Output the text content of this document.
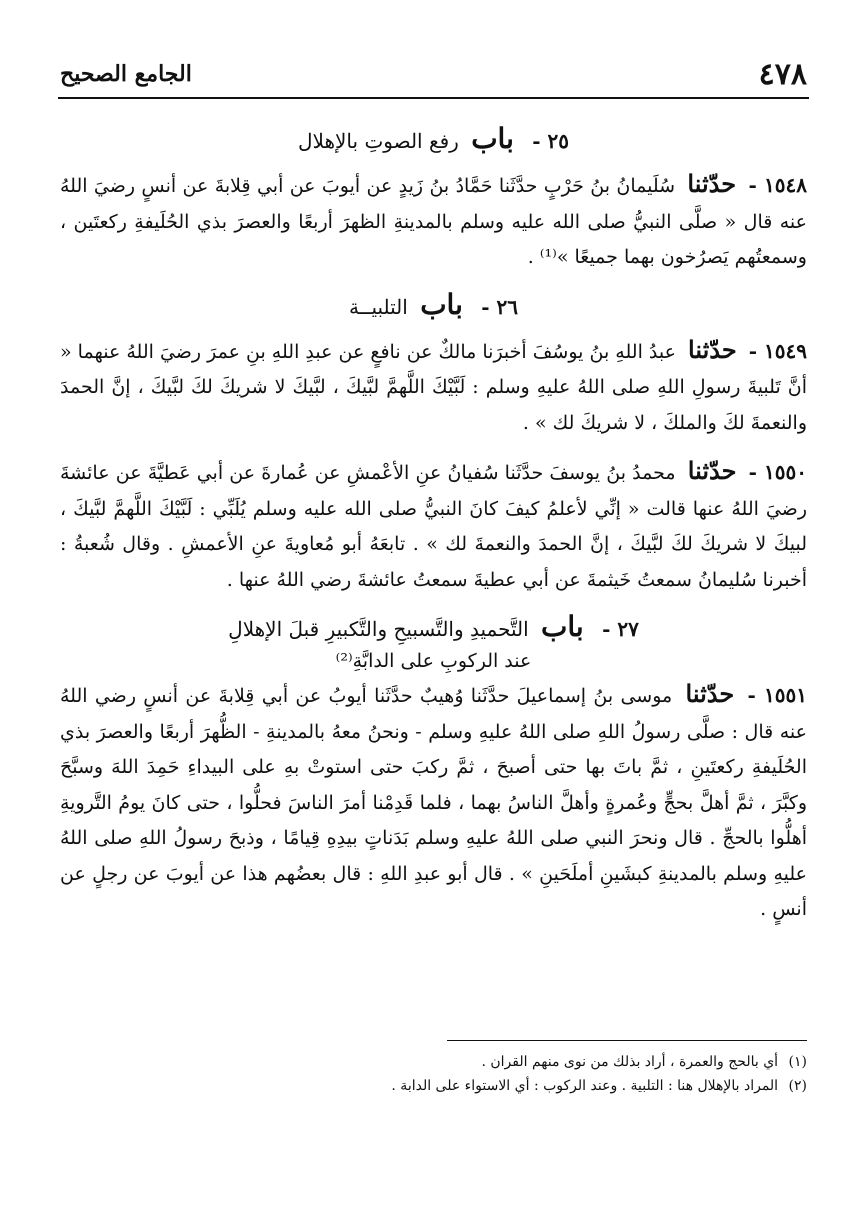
٤٧٨
الجامع الصحيح
٢٥ - باب رفع الصوتِ بالإهلال

١٥٤٨ - حدّثنا سُلَيمانُ بنُ حَرْبٍ حدَّثَنا حَمَّادُ بنُ زَيدٍ عن أيوبَ عن أبي قِلابةَ عن أنسٍ رضيَ اللهُ عنه قال « صلَّى النبيُّ صلى الله عليه وسلم بالمدينةِ الظهرَ أربعًا والعصرَ بذي الحُلَيفةِ ركعتَين ، وسمعتُهم يَصرُخون بهما جميعًا »⁽¹⁾ .

٢٦ - باب التلبيــة

١٥٤٩ - حدّثنا عبدُ اللهِ بنُ يوسُفَ أخبرَنا مالكٌ عن نافعٍ عن عبدِ اللهِ بنِ عمرَ رضيَ اللهُ عنهما « أنَّ تَلبيةَ رسولِ اللهِ صلى اللهُ عليهِ وسلم : لَبَّيْكَ اللَّهمَّ لبَّيكَ ، لبَّيكَ لا شريكَ لكَ لبَّيكَ ، إنَّ الحمدَ والنعمةَ لكَ والملكَ ، لا شريكَ لك » .

١٥٥٠ - حدّثنا محمدُ بنُ يوسفَ حدَّثَنا سُفيانُ عنِ الأعْمشِ عن عُمارةَ عن أبي عَطيَّةَ عن عائشةَ رضيَ اللهُ عنها قالت « إنِّي لأعلمُ كيفَ كانَ النبيُّ صلى الله عليه وسلم يُلَبِّي : لَبَّيْكَ اللَّهمَّ لبَّيكَ ، لبيكَ لا شريكَ لكَ لبَّيكَ ، إنَّ الحمدَ والنعمةَ لك » . تابعَهُ أبو مُعاويةَ عنِ الأعمشِ . وقال شُعبةُ : أخبرنا سُليمانُ سمعتُ خَيثمةَ عن أبي عطيةَ سمعتُ عائشةَ رضي اللهُ عنها .

٢٧ - باب التَّحميدِ والتَّسبيحِ والتَّكبيرِ قبلَ الإهلالِ
عند الركوبِ على الدابَّةِ⁽²⁾

١٥٥١ - حدّثنا موسى بنُ إسماعيلَ حدَّثَنا وُهيبٌ حدَّثَنا أيوبُ عن أبي قِلابةَ عن أنسٍ رضي اللهُ عنه قال : صلَّى رسولُ اللهِ صلى اللهُ عليهِ وسلم - ونحنُ معهُ بالمدينةِ - الظُّهرَ أربعًا والعصرَ بذي الحُلَيفةِ ركعتَينِ ، ثمَّ باتَ بها حتى أصبحَ ، ثمَّ ركبَ حتى استوتْ بهِ على البيداءِ حَمِدَ اللهَ وسبَّحَ وكبَّرَ ، ثمَّ أهلَّ بحجٍّ وعُمرةٍ وأهلَّ الناسُ بهما ، فلما قَدِمْنا أمرَ الناسَ فحلُّوا ، حتى كانَ يومُ التَّرويةِ أهلُّوا بالحجِّ . قال ونحرَ النبي صلى اللهُ عليهِ وسلم بَدَناتٍ بيدِهِ قِيامًا ، وذبحَ رسولُ اللهِ صلى اللهُ عليهِ وسلم بالمدينةِ كبشَينِ أملَحَينِ » . قال أبو عبدِ اللهِ : قال بعضُهم هذا عن أيوبَ عن رجلٍ عن أنسٍ .

(١) أي بالحج والعمرة ، أراد بذلك من نوى منهم القران .
(٢) المراد بالإهلال هنا : التلبية . وعند الركوب : أي الاستواء على الدابة .
